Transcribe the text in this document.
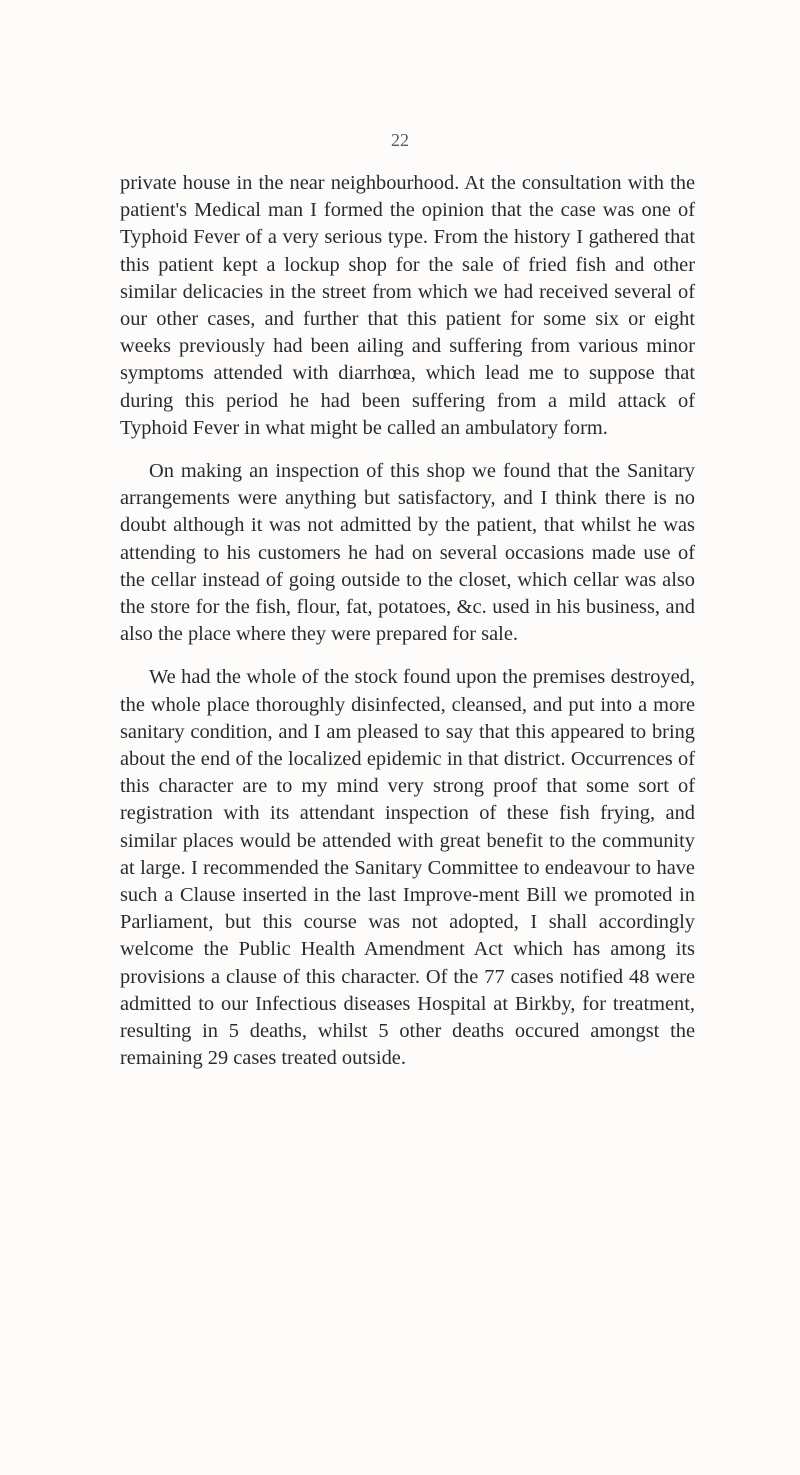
22

private house in the near neighbourhood. At the consultation with the patient's Medical man I formed the opinion that the case was one of Typhoid Fever of a very serious type. From the history I gathered that this patient kept a lockup shop for the sale of fried fish and other similar delicacies in the street from which we had received several of our other cases, and further that this patient for some six or eight weeks previously had been ailing and suffering from various minor symptoms attended with diarrhœa, which lead me to suppose that during this period he had been suffering from a mild attack of Typhoid Fever in what might be called an ambulatory form.

On making an inspection of this shop we found that the Sanitary arrangements were anything but satisfactory, and I think there is no doubt although it was not admitted by the patient, that whilst he was attending to his customers he had on several occasions made use of the cellar instead of going outside to the closet, which cellar was also the store for the fish, flour, fat, potatoes, &c. used in his business, and also the place where they were prepared for sale.

We had the whole of the stock found upon the premises destroyed, the whole place thoroughly disinfected, cleansed, and put into a more sanitary condition, and I am pleased to say that this appeared to bring about the end of the localized epidemic in that district. Occurrences of this character are to my mind very strong proof that some sort of registration with its attendant inspection of these fish frying, and similar places would be attended with great benefit to the community at large. I recommended the Sanitary Committee to endeavour to have such a Clause inserted in the last Improve-ment Bill we promoted in Parliament, but this course was not adopted, I shall accordingly welcome the Public Health Amendment Act which has among its provisions a clause of this character. Of the 77 cases notified 48 were admitted to our Infectious diseases Hospital at Birkby, for treatment, resulting in 5 deaths, whilst 5 other deaths occured amongst the remaining 29 cases treated outside.
